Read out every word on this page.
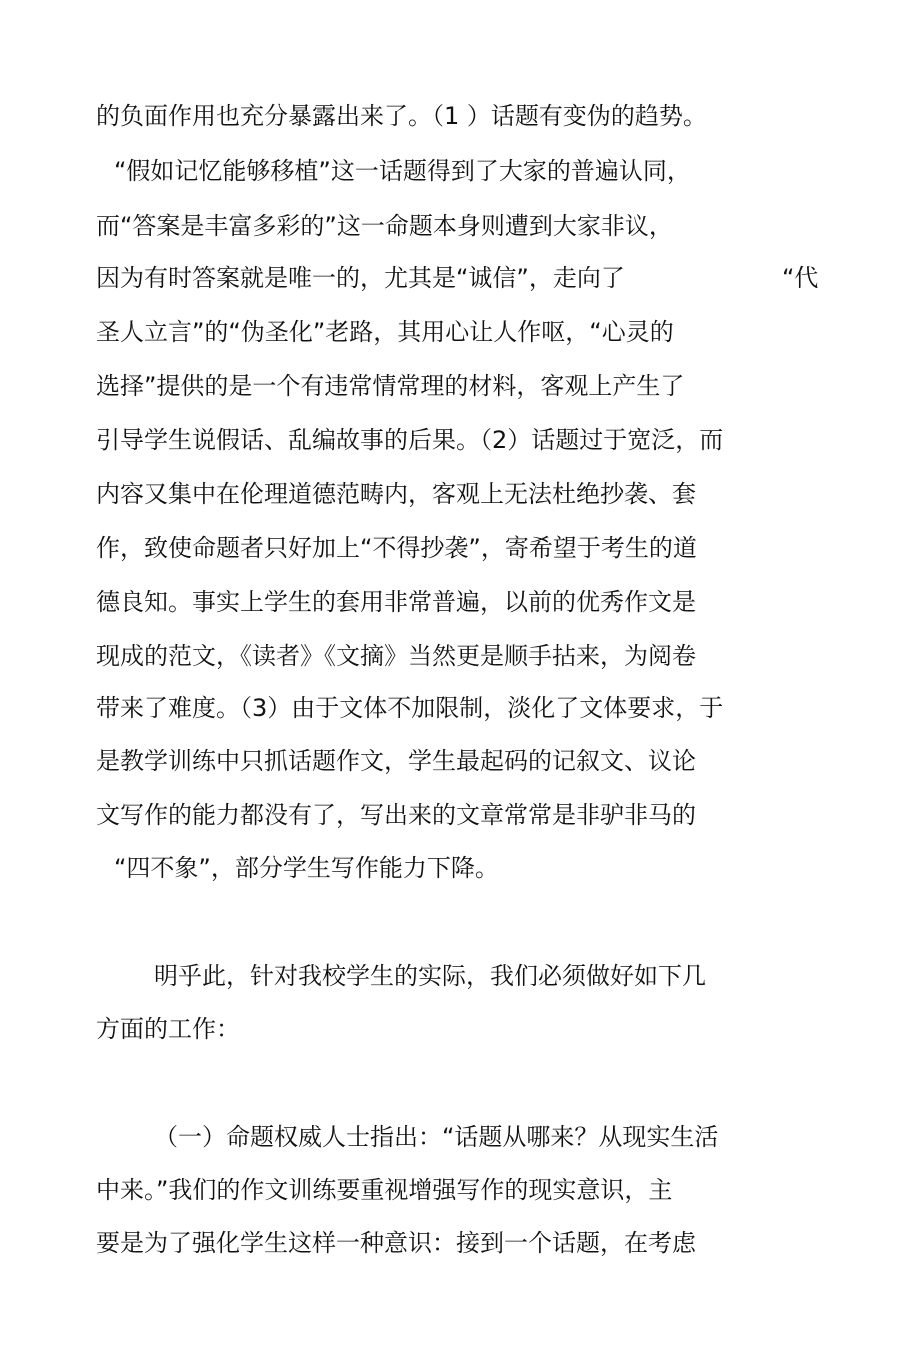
的负面作用也充分暴露出来了。（1 ）话题有变伪的趋势。
“假如记忆能够移植”这一话题得到了大家的普遍认同，
而“答案是丰富多彩的”这一命题本身则遭到大家非议，
因为有时答案就是唯一的，尤其是“诚信”，走向了	“代
圣人立言”的“伪圣化”老路，其用心让人作呕，“心灵的
选择”提供的是一个有违常情常理的材料，客观上产生了
引导学生说假话、乱编故事的后果。（2）话题过于宽泛，而
内容又集中在伦理道德范畴内，客观上无法杜绝抄袭、套
作，致使命题者只好加上“不得抄袭”，寄希望于考生的道
德良知。事实上学生的套用非常普遍，以前的优秀作文是
现成的范文，《读者》《文摘》当然更是顺手拈来，为阅卷
带来了难度。（3）由于文体不加限制，淡化了文体要求，于
是教学训练中只抓话题作文，学生最起码的记叙文、议论
文写作的能力都没有了，写出来的文章常常是非驴非马的
“四不象”，部分学生写作能力下降。
明乎此，针对我校学生的实际，我们必须做好如下几
方面的工作：
（一）命题权威人士指出：“话题从哪来？从现实生活
中来。”我们的作文训练要重视增强写作的现实意识，主
要是为了强化学生这样一种意识：接到一个话题，在考虑
